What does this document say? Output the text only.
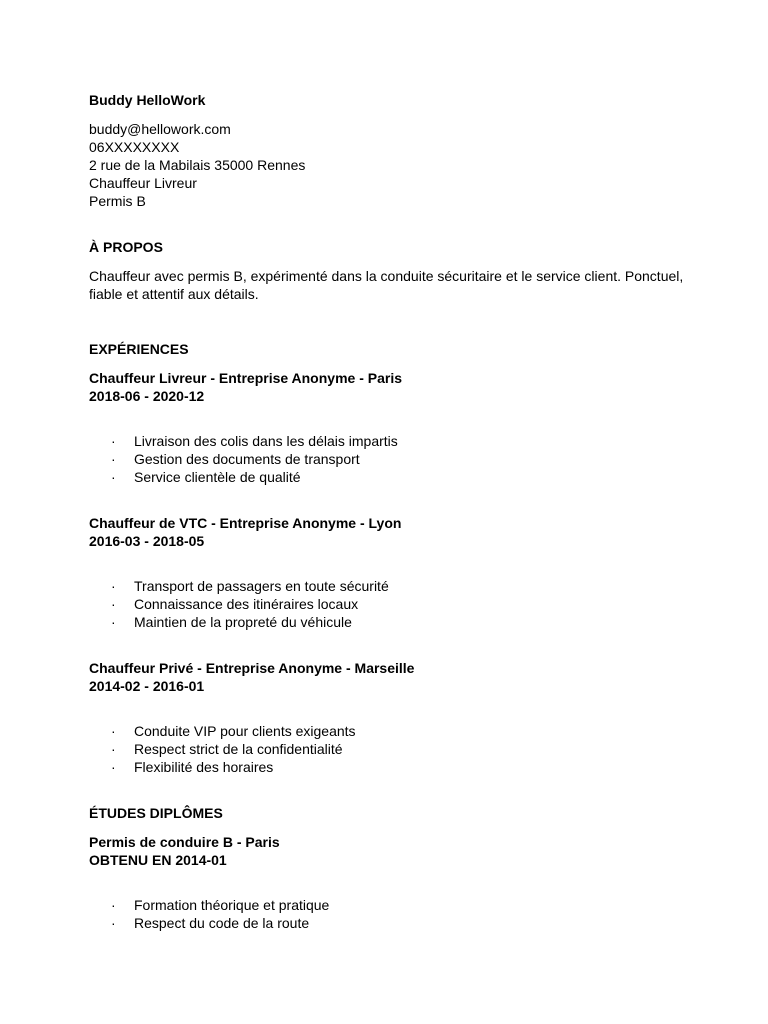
Buddy HelloWork
buddy@hellowork.com
06XXXXXXXX
2 rue de la Mabilais 35000 Rennes
Chauffeur Livreur
Permis B
À PROPOS
Chauffeur avec permis B, expérimenté dans la conduite sécuritaire et le service client. Ponctuel, fiable et attentif aux détails.
EXPÉRIENCES
Chauffeur Livreur - Entreprise Anonyme - Paris
2018-06 - 2020-12
· Livraison des colis dans les délais impartis
· Gestion des documents de transport
· Service clientèle de qualité
Chauffeur de VTC - Entreprise Anonyme - Lyon
2016-03 - 2018-05
· Transport de passagers en toute sécurité
· Connaissance des itinéraires locaux
· Maintien de la propreté du véhicule
Chauffeur Privé - Entreprise Anonyme - Marseille
2014-02 - 2016-01
· Conduite VIP pour clients exigeants
· Respect strict de la confidentialité
· Flexibilité des horaires
ÉTUDES DIPLÔMES
Permis de conduire B - Paris
OBTENU EN 2014-01
· Formation théorique et pratique
· Respect du code de la route
